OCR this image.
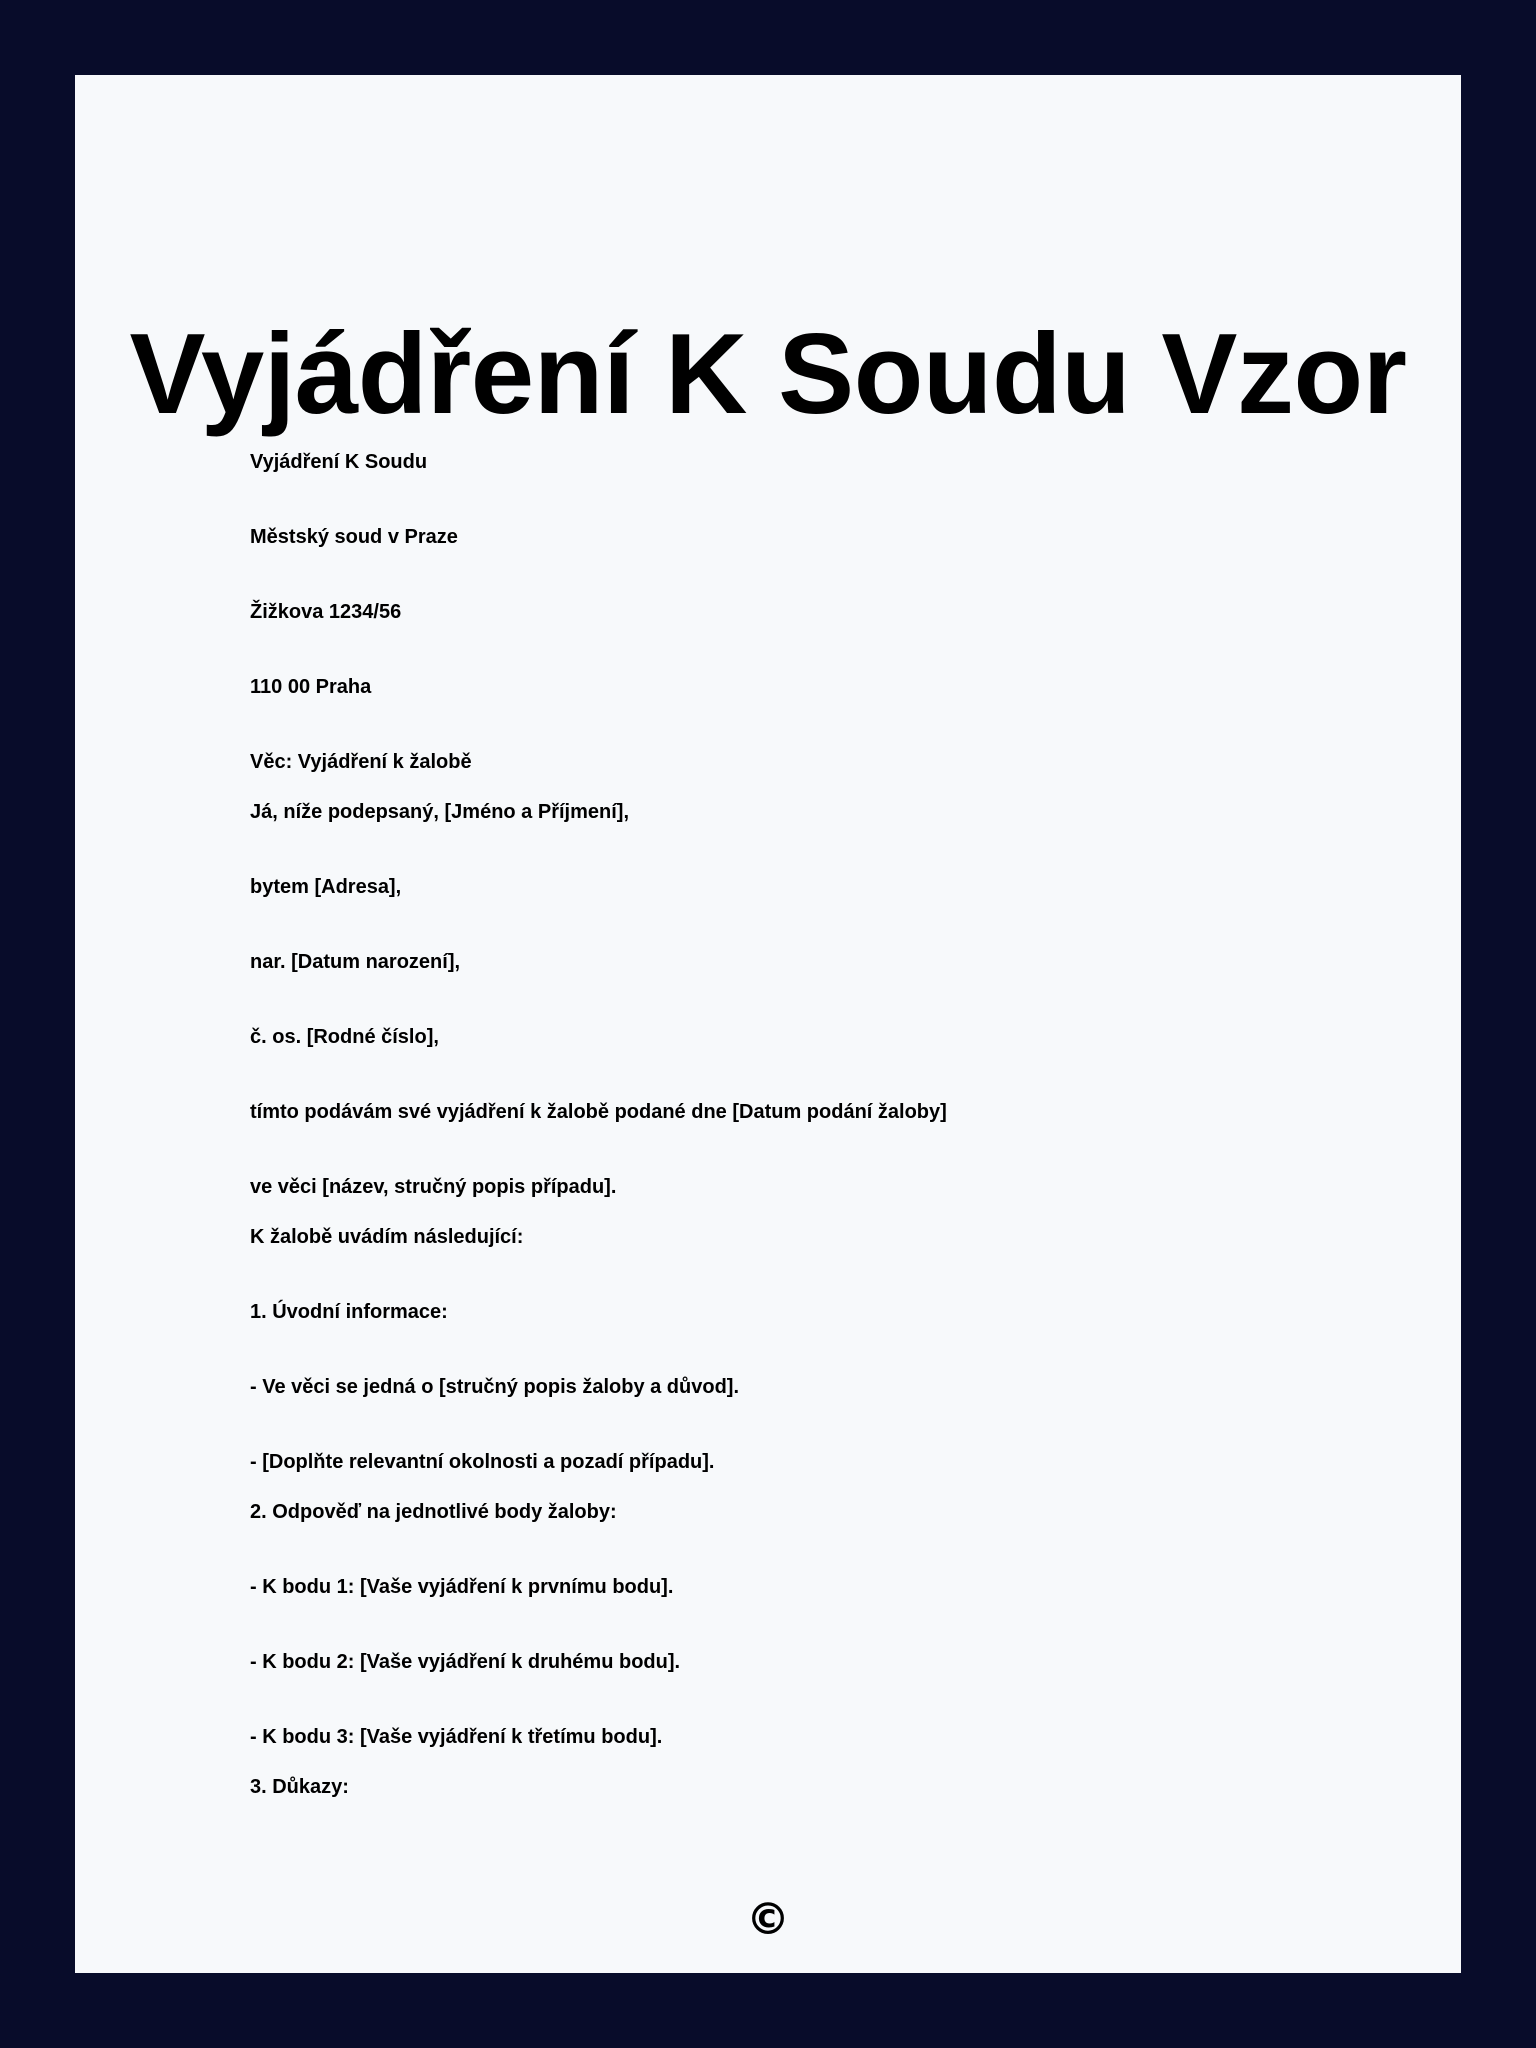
Vyjádření K Soudu Vzor

Vyjádření K Soudu

Městský soud v Praze

Žižkova 1234/56

110 00 Praha

Věc: Vyjádření k žalobě

Já, níže podepsaný, [Jméno a Příjmení],

bytem [Adresa],

nar. [Datum narození],

č. os. [Rodné číslo],

tímto podávám své vyjádření k žalobě podané dne [Datum podání žaloby]

ve věci [název, stručný popis případu].

K žalobě uvádím následující:

1. Úvodní informace:

- Ve věci se jedná o [stručný popis žaloby a důvod].

- [Doplňte relevantní okolnosti a pozadí případu].

2. Odpověď na jednotlivé body žaloby:

- K bodu 1: [Vaše vyjádření k prvnímu bodu].

- K bodu 2: [Vaše vyjádření k druhému bodu].

- K bodu 3: [Vaše vyjádření k třetímu bodu].

3. Důkazy:

©
